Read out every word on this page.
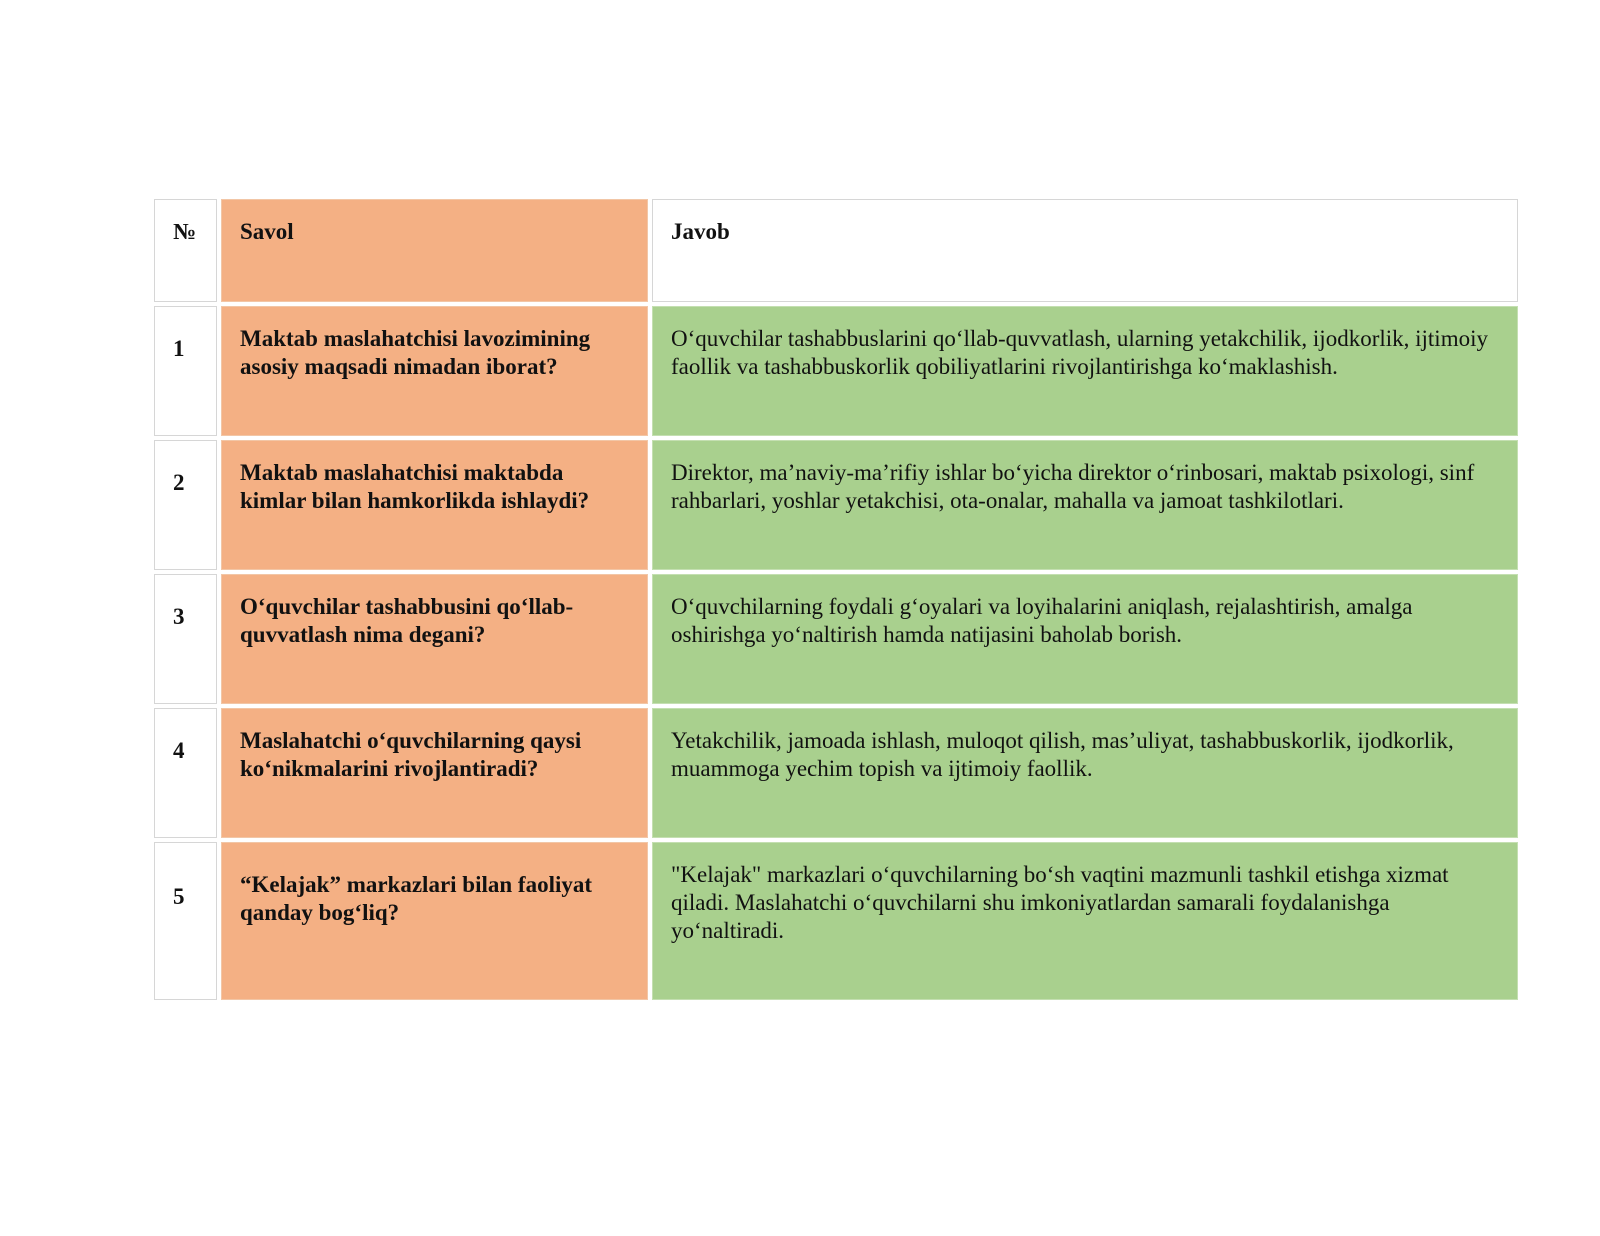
№	Savol	Javob
1	Maktab maslahatchisi lavozimining asosiy maqsadi nimadan iborat?	O‘quvchilar tashabbuslarini qo‘llab-quvvatlash, ularning yetakchilik, ijodkorlik, ijtimoiy faollik va tashabbuskorlik qobiliyatlarini rivojlantirishga ko‘maklashish.
2	Maktab maslahatchisi maktabda kimlar bilan hamkorlikda ishlaydi?	Direktor, ma’naviy-ma’rifiy ishlar bo‘yicha direktor o‘rinbosari, maktab psixologi, sinf rahbarlari, yoshlar yetakchisi, ota-onalar, mahalla va jamoat tashkilotlari.
3	O‘quvchilar tashabbusini qo‘llab-quvvatlash nima degani?	O‘quvchilarning foydali g‘oyalari va loyihalarini aniqlash, rejalashtirish, amalga oshirishga yo‘naltirish hamda natijasini baholab borish.
4	Maslahatchi o‘quvchilarning qaysi ko‘nikmalarini rivojlantiradi?	Yetakchilik, jamoada ishlash, muloqot qilish, mas’uliyat, tashabbuskorlik, ijodkorlik, muammoga yechim topish va ijtimoiy faollik.
5	“Kelajak” markazlari bilan faoliyat qanday bog‘liq?	"Kelajak" markazlari o‘quvchilarning bo‘sh vaqtini mazmunli tashkil etishga xizmat qiladi. Maslahatchi o‘quvchilarni shu imkoniyatlardan samarali foydalanishga yo‘naltiradi.
